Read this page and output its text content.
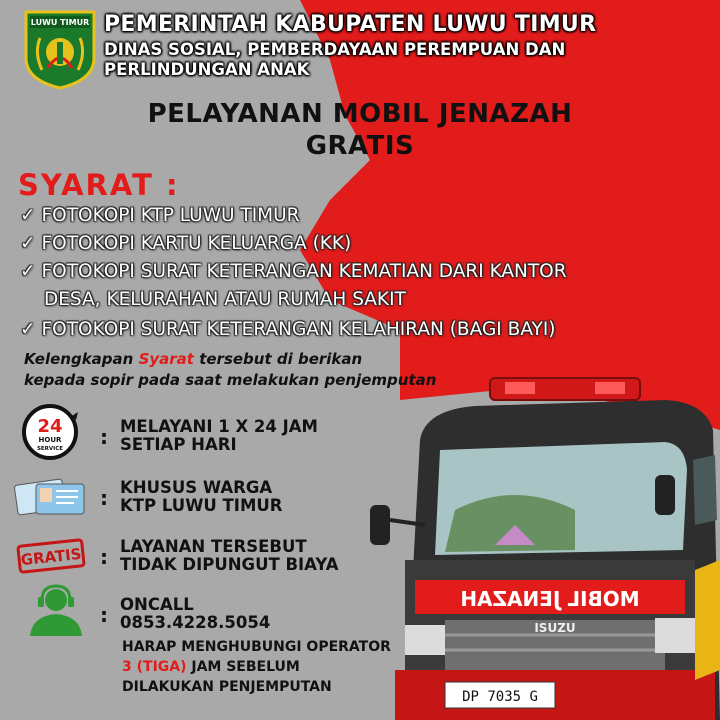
LUWU TIMUR PEMERINTAH KABUPATEN LUWU TIMUR
DINAS SOSIAL, PEMBERDAYAAN PEREMPUAN DAN
PERLINDUNGAN ANAK
PELAYANAN MOBIL JENAZAH
GRATIS
SYARAT :
✓ FOTOKOPI KTP LUWU TIMUR
✓ FOTOKOPI KARTU KELUARGA (KK)
✓ FOTOKOPI SURAT KETERANGAN KEMATIAN DARI KANTOR
DESA, KELURAHAN ATAU RUMAH SAKIT
✓ FOTOKOPI SURAT KETERANGAN KELAHIRAN (BAGI BAYI)
Kelengkapan Syarat tersebut di berikan
kepada sopir pada saat melakukan penjemputan
MOBIL JENAZAH
ISUZU
DP 7035 G
24
HOUR
SERVICE : MELAYANI 1 X 24 JAM
SETIAP HARI
: KHUSUS WARGA
KTP LUWU TIMUR
GRATIS : LAYANAN TERSEBUT
TIDAK DIPUNGUT BIAYA
: ONCALL
0853.4228.5054
HARAP MENGHUBUNGI OPERATOR
3 (TIGA) JAM SEBELUM
DILAKUKAN PENJEMPUTAN
